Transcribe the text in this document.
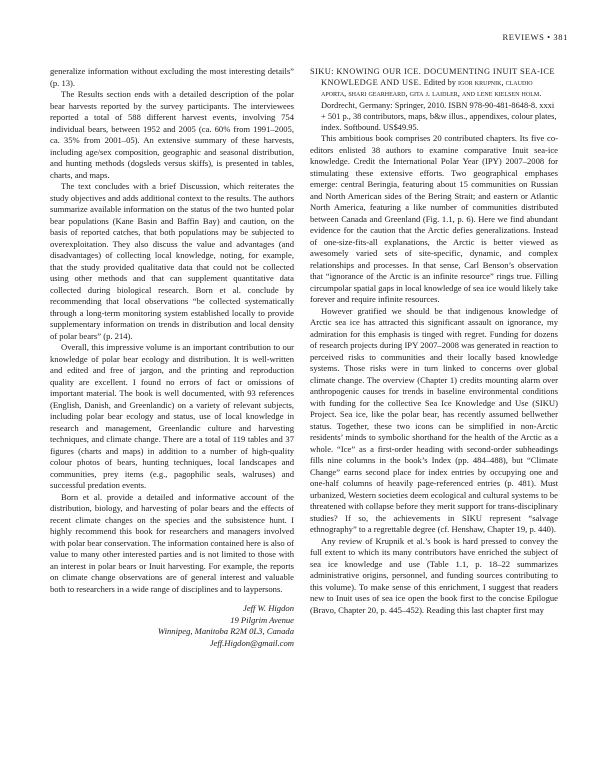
REVIEWS • 381

generalize information without excluding the most interesting details” (p. 13).

The Results section ends with a detailed description of the polar bear harvests reported by the survey participants. The interviewees reported a total of 588 different harvest events, involving 754 individual bears, between 1952 and 2005 (ca. 60% from 1991–2005, ca. 35% from 2001–05). An extensive summary of these harvests, including age/sex composition, geographic and seasonal distribution, and hunting methods (dogsleds versus skiffs), is presented in tables, charts, and maps.

The text concludes with a brief Discussion, which reiterates the study objectives and adds additional context to the results. The authors summarize available information on the status of the two hunted polar bear populations (Kane Basin and Baffin Bay) and caution, on the basis of reported catches, that both populations may be subjected to overexploitation. They also discuss the value and advantages (and disadvantages) of collecting local knowledge, noting, for example, that the study provided qualitative data that could not be collected using other methods and that can supplement quantitative data collected during biological research. Born et al. conclude by recommending that local observations “be collected systematically through a long-term monitoring system established locally to provide supplementary information on trends in distribution and local density of polar bears” (p. 214).

Overall, this impressive volume is an important contribution to our knowledge of polar bear ecology and distribution. It is well-written and edited and free of jargon, and the printing and reproduction quality are excellent. I found no errors of fact or omissions of important material. The book is well documented, with 93 references (English, Danish, and Greenlandic) on a variety of relevant subjects, including polar bear ecology and status, use of local knowledge in research and management, Greenlandic culture and harvesting techniques, and climate change. There are a total of 119 tables and 37 figures (charts and maps) in addition to a number of high-quality colour photos of bears, hunting techniques, local landscapes and communities, prey items (e.g., pagophilic seals, walruses) and successful predation events.

Born et al. provide a detailed and informative account of the distribution, biology, and harvesting of polar bears and the effects of recent climate changes on the species and the subsistence hunt. I highly recommend this book for researchers and managers involved with polar bear conservation. The information contained here is also of value to many other interested parties and is not limited to those with an interest in polar bears or Inuit harvesting. For example, the reports on climate change observations are of general interest and valuable both to researchers in a wide range of disciplines and to laypersons.

Jeff W. Higdon
19 Pilgrim Avenue
Winnipeg, Manitoba R2M 0L3, Canada
Jeff.Higdon@gmail.com

SIKU: KNOWING OUR ICE. DOCUMENTING INUIT SEA-ICE KNOWLEDGE AND USE. Edited by igor krupnik, claudio aporta, shari gearheard, gita j. laidler, and lene kielsen holm. Dordrecht, Germany: Springer, 2010. ISBN 978-90-481-8648-8. xxxi + 501 p., 38 contributors, maps, b&w illus., appendixes, colour plates, index. Softbound. US$49.95.

This ambitious book comprises 20 contributed chapters. Its five co-editors enlisted 38 authors to examine comparative Inuit sea-ice knowledge. Credit the International Polar Year (IPY) 2007–2008 for stimulating these extensive efforts. Two geographical emphases emerge: central Beringia, featuring about 15 communities on Russian and North American sides of the Bering Strait; and eastern or Atlantic North America, featuring a like number of communities distributed between Canada and Greenland (Fig. 1.1, p. 6). Here we find abundant evidence for the caution that the Arctic defies generalizations. Instead of one-size-fits-all explanations, the Arctic is better viewed as awesomely varied sets of site-specific, dynamic, and complex relationships and processes. In that sense, Carl Benson’s observation that “ignorance of the Arctic is an infinite resource” rings true. Filling circumpolar spatial gaps in local knowledge of sea ice would likely take forever and require infinite resources.

However gratified we should be that indigenous knowledge of Arctic sea ice has attracted this significant assault on ignorance, my admiration for this emphasis is tinged with regret. Funding for dozens of research projects during IPY 2007–2008 was generated in reaction to perceived risks to communities and their locally based knowledge systems. Those risks were in turn linked to concerns over global climate change. The overview (Chapter 1) credits mounting alarm over anthropogenic causes for trends in baseline environmental conditions with funding for the collective Sea Ice Knowledge and Use (SIKU) Project. Sea ice, like the polar bear, has recently assumed bellwether status. Together, these two icons can be simplified in non-Arctic residents’ minds to symbolic shorthand for the health of the Arctic as a whole. “Ice” as a first-order heading with second-order subheadings fills nine columns in the book’s Index (pp. 484–488), but “Climate Change” earns second place for index entries by occupying one and one-half columns of heavily page-referenced entries (p. 481). Must urbanized, Western societies deem ecological and cultural systems to be threatened with collapse before they merit support for trans-disciplinary studies? If so, the achievements in SIKU represent “salvage ethnography” to a regrettable degree (cf. Henshaw, Chapter 19, p. 440).

Any review of Krupnik et al.’s book is hard pressed to convey the full extent to which its many contributors have enriched the subject of sea ice knowledge and use (Table 1.1, p. 18–22 summarizes administrative origins, personnel, and funding sources contributing to this volume). To make sense of this enrichment, I suggest that readers new to Inuit uses of sea ice open the book first to the concise Epilogue (Bravo, Chapter 20, p. 445–452). Reading this last chapter first may
